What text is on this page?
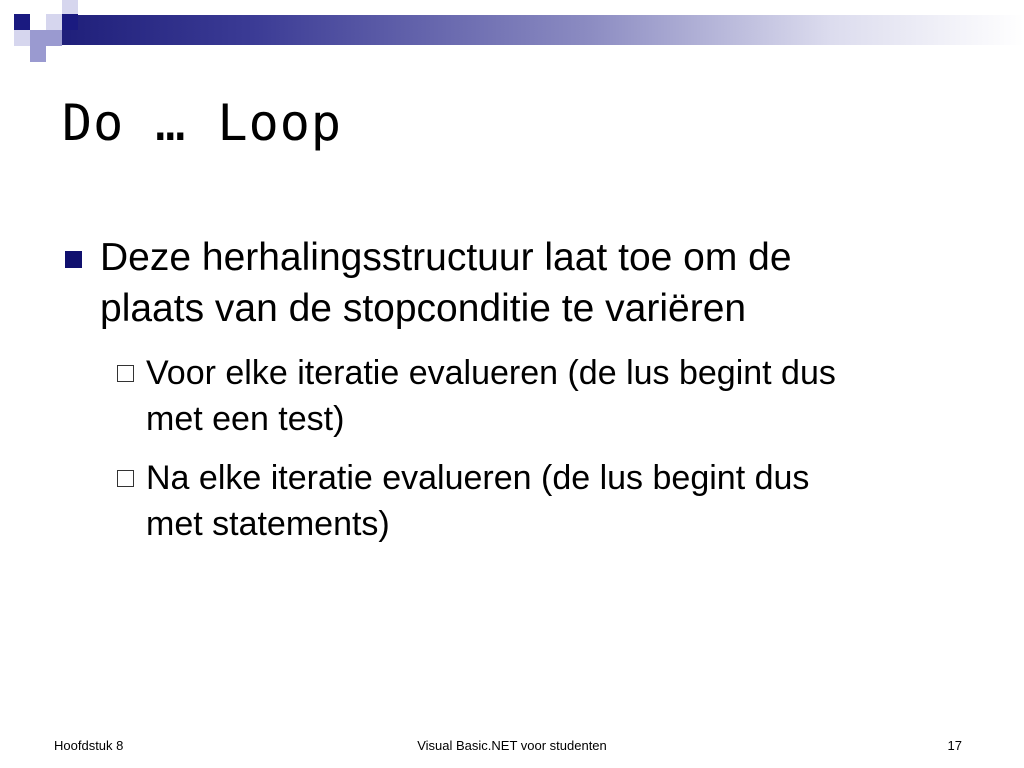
Do … Loop
Deze herhalingsstructuur laat toe om de
plaats van de stopconditie te variëren
Voor elke iteratie evalueren (de lus begint dus
met een test)
Na elke iteratie evalueren (de lus begint dus
met statements)
Hoofdstuk 8	Visual Basic.NET voor studenten	17
